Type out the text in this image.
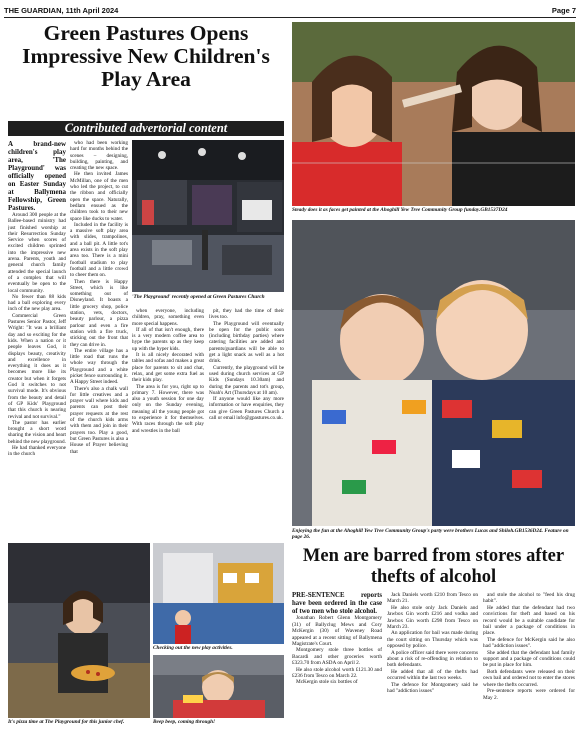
THE GUARDIAN, 11th April 2024	Page 7
Green Pastures Opens Impressive New Children's Play Area
Contributed advertorial content

A brand-new children's play area, 'The Playground' was officially opened on Easter Sunday at Ballymena Fellowship, Green Pastures.

Around 300 people at the Ballee-based ministry had just finished worship at their Resurrection Sunday Service when scores of excited children sprinted into the impressive new arena. Parents, youth and general church family attended the special launch of a complex that will eventually be open to the local community.

No fewer than 88 kids had a ball exploring every inch of the new play area.

Commercial Green Pastures Senior Pastor, Jeff Wright: "It was a brilliant day and so exciting for the kids. When a nation or it people leaves God, it displays beauty, creativity and excellence in everything it does as it becomes more like its creator but when it forgets God it switches to not survival mode. It's obvious from the beauty and detail of GP Kids' Playground that this church is nearing revival and not survival."

The pastor has earlier brought a short word sharing the vision and heart behind the new playground.

He had thanked everyone in the church

who had been working hard for months behind the scenes – designing, building, painting, and creating the new space.

He then invited James McMillan, one of the men who led the project, to cut the ribbon and officially open the space. Naturally, bedlam ensued as the children took to their new space like ducks to water.

Included in the facility is a massive soft play area with slides, trampolines, and a ball pit. A little tot's area exists in the soft play area too. There is a mini football stadium to play football and a little crowd to cheer them on.

Then there is Happy Street, which is like something out of Disneyland. It boasts a little grocery shop, police station, vets, doctors, beauty parlour, a pizza parlour and even a fire station with a fire truck, sticking out the front that they can drive in.

The entire village has a little road that runs the whole way through the Playground and a white picket fence surrounding it. A Happy Street indeed.

There's also a chalk wall for little creatives and a prayer wall where kids and parents can post their prayer requests at the rest of the church kids arms with them and join in their prayers too. Play a good, but Green Pastures is also a House of Prayer believing that

'The Playground' recently opened at Green Pastures Church

when everyone, including children, pray, something even more special happens.

If all of that isn't enough, there is a very modern coffee area to hype the parents up as they keep up with the hyper kids.

It is all nicely decorated with tables and sofas and makes a great place for parents to sit and chat, relax, and get some extra fuel as their kids play.

The area is for you, right up to primary 7. However, there was also a youth session for one day only on the Sunday evening, meaning all the young people got to experience it for themselves. With races through the soft play and wrestles in the ball

pit, they had the time of their lives too.

The Playground will eventually be open for the public soon (including birthday parties) where catering facilities are added and parents/guardians will be able to get a light snack as well as a hot drink.

Currently, the playground will be used during church services at GP Kids (Sundays 10.30am) and during the parents and tot's group, Noah's Art (Thursdays at 10 am).

If anyone would like any more information or have enquiries, they can give Green Pastures Church a call or email info@gpastures.co.uk.

Steady does it as faces get painted at the Ahoghill Yew Tree Community Group funday.GB1537D24
Enjoying the fun at the Ahoghill Yew Tree Community Group's party were brothers Lucas and Shiloh.GB1536D24. Feature on page 26.
It's pizza time at The Playground for this junior chef.
Checking out the new play activities.
Beep beep, coming through!
Men are barred from stores after thefts of alcohol

PRE-SENTENCE reports have been ordered in the case of two men who stole alcohol.

Jonathan Robert Glenn Montgomery (31) of Ballyclug Mews and Cory McKergin (30) of Waveney Road appeared at a recent sitting of Ballymena Magistrate's Court.

Montgomery stole three bottles of Bacardi and other groceries worth £323.70 from ASDA on April 2.

He also stole alcohol worth £121.30 and £236 from Tesco on March 22.

McKergin stole six bottles of

Jack Daniels worth £210 from Tesco on March 21.

He also stole only Jack Daniels and Jawbox Gin worth £216 and vodka and Jawbox Gin worth £298 from Tesco on March 23.

An application for bail was made during the court sitting on Thursday which was opposed by police.

A police officer said there were concerns about a risk of re-offending in relation to both defendants.

He added that all of the thefts had occurred within the last two weeks.

The defence for Montgomery said he had "addiction issues"

and stole the alcohol to "feed his drug habit".

He added that the defendant had two convictions for theft and based on his record would be a suitable candidate for bail under a package of conditions in place.

The defence for McKergin said he also had "addiction issues".

She added that the defendant had family support and a package of conditions could be put in place for him.

Both defendants were released on their own bail and ordered not to enter the stores where the thefts occurred.

Pre-sentence reports were ordered for May 2.
